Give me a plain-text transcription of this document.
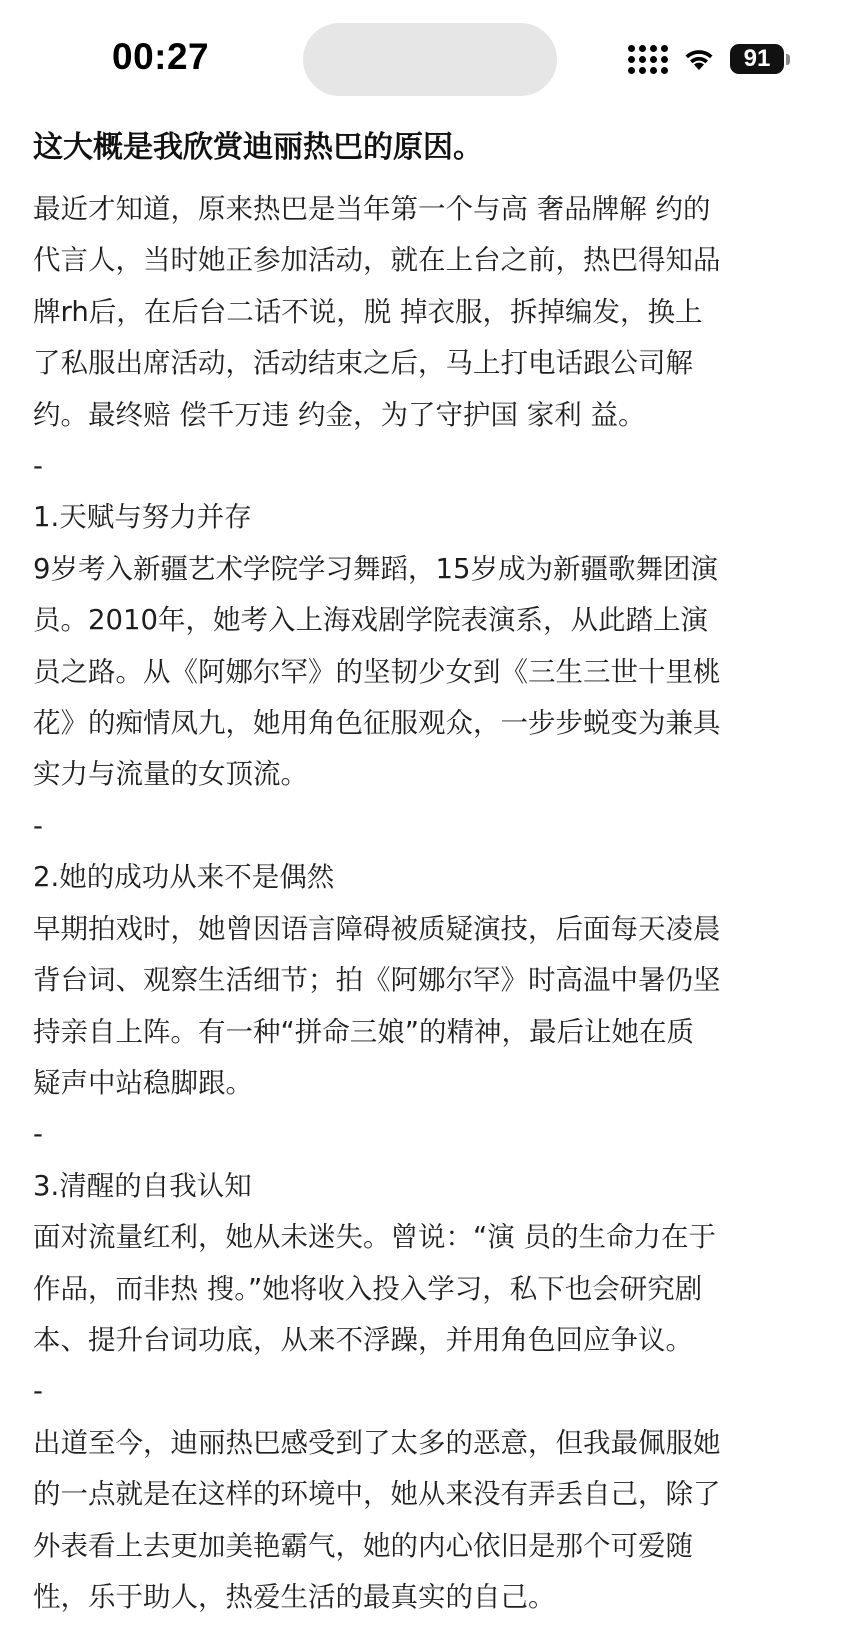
00:27	91
这大概是我欣赏迪丽热巴的原因。
最近才知道，原来热巴是当年第一个与高 奢品牌解 约的
代言人，当时她正参加活动，就在上台之前，热巴得知品
牌rh后，在后台二话不说，脱 掉衣服，拆掉编发，换上
了私服出席活动，活动结束之后，马上打电话跟公司解
约。最终赔 偿千万违 约金，为了守护国 家利 益。
-
1.天赋与努力并存
9岁考入新疆艺术学院学习舞蹈，15岁成为新疆歌舞团演
员。2010年，她考入上海戏剧学院表演系，从此踏上演
员之路。从《阿娜尔罕》的坚韧少女到《三生三世十里桃
花》的痴情凤九，她用角色征服观众，一步步蜕变为兼具
实力与流量的女顶流。
-
2.她的成功从来不是偶然
早期拍戏时，她曾因语言障碍被质疑演技，后面每天凌晨
背台词、观察生活细节；拍《阿娜尔罕》时高温中暑仍坚
持亲自上阵。有一种“拼命三娘”的精神，最后让她在质
疑声中站稳脚跟。
-
3.清醒的自我认知
面对流量红利，她从未迷失。曾说：“演 员的生命力在于
作品，而非热 搜。”她将收入投入学习，私下也会研究剧
本、提升台词功底，从来不浮躁，并用角色回应争议。
-
出道至今，迪丽热巴感受到了太多的恶意，但我最佩服她
的一点就是在这样的环境中，她从来没有弄丢自己，除了
外表看上去更加美艳霸气，她的内心依旧是那个可爱随
性，乐于助人，热爱生活的最真实的自己。
